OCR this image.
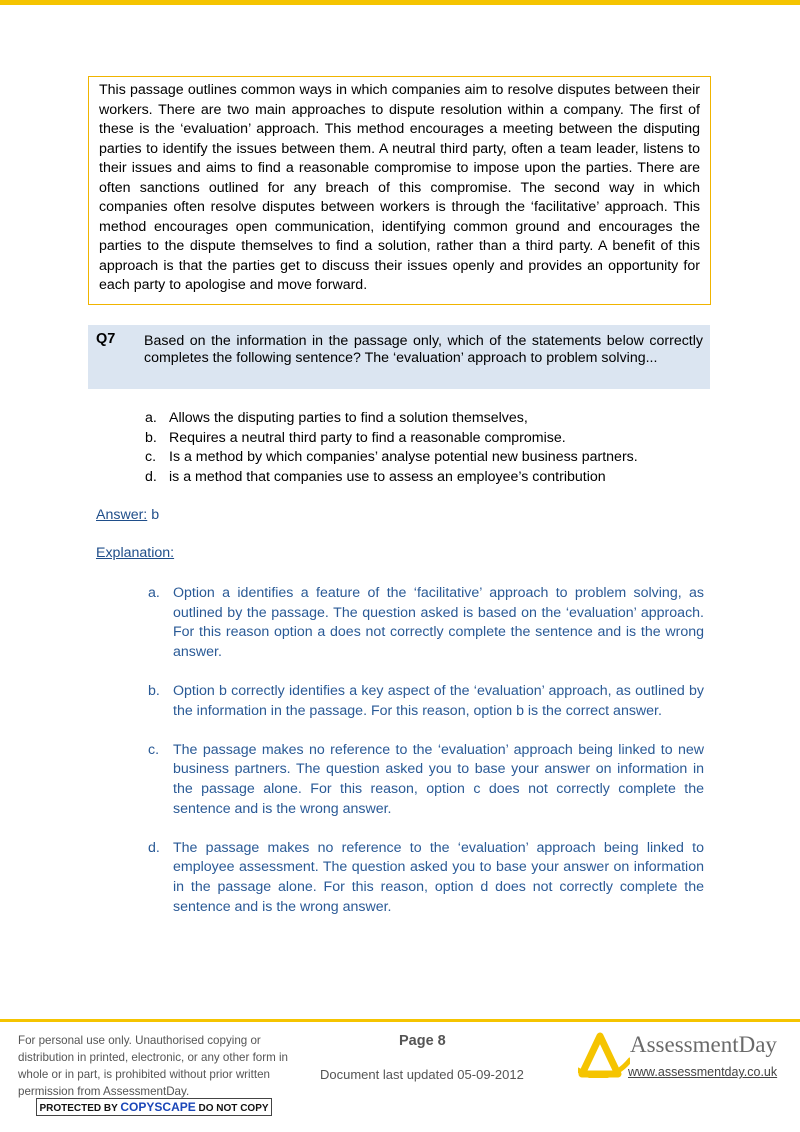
This passage outlines common ways in which companies aim to resolve disputes between their workers. There are two main approaches to dispute resolution within a company. The first of these is the ‘evaluation’ approach. This method encourages a meeting between the disputing parties to identify the issues between them. A neutral third party, often a team leader, listens to their issues and aims to find a reasonable compromise to impose upon the parties. There are often sanctions outlined for any breach of this compromise. The second way in which companies often resolve disputes between workers is through the ‘facilitative’ approach. This method encourages open communication, identifying common ground and encourages the parties to the dispute themselves to find a solution, rather than a third party. A benefit of this approach is that the parties get to discuss their issues openly and provides an opportunity for each party to apologise and move forward.
Q7 Based on the information in the passage only, which of the statements below correctly completes the following sentence? The ‘evaluation’ approach to problem solving...
a. Allows the disputing parties to find a solution themselves,
b. Requires a neutral third party to find a reasonable compromise.
c. Is a method by which companies’ analyse potential new business partners.
d. is a method that companies use to assess an employee’s contribution
Answer: b
Explanation:
a. Option a identifies a feature of the ‘facilitative’ approach to problem solving, as outlined by the passage. The question asked is based on the ‘evaluation’ approach. For this reason option a does not correctly complete the sentence and is the wrong answer.
b. Option b correctly identifies a key aspect of the ‘evaluation’ approach, as outlined by the information in the passage. For this reason, option b is the correct answer.
c. The passage makes no reference to the ‘evaluation’ approach being linked to new business partners. The question asked you to base your answer on information in the passage alone. For this reason, option c does not correctly complete the sentence and is the wrong answer.
d. The passage makes no reference to the ‘evaluation’ approach being linked to employee assessment. The question asked you to base your answer on information in the passage alone. For this reason, option d does not correctly complete the sentence and is the wrong answer.
For personal use only. Unauthorised copying or distribution in printed, electronic, or any other form in whole or in part, is prohibited without prior written permission from AssessmentDay.
PROTECTED BY COPYSCAPE DO NOT COPY
Page 8
Document last updated 05-09-2012
AssessmentDay
www.assessmentday.co.uk
